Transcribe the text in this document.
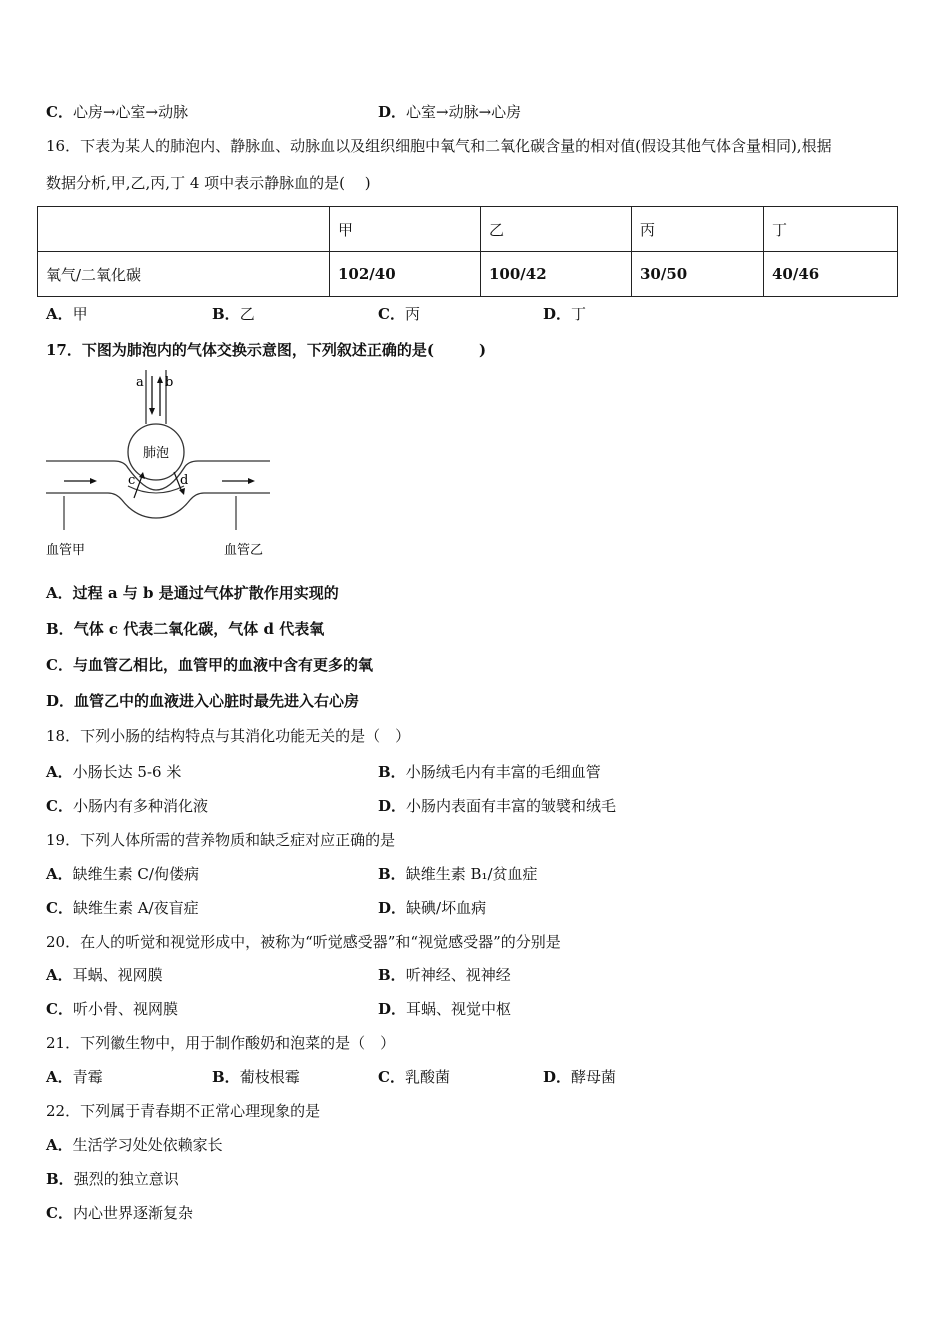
C．心房→心室→动脉	D．心室→动脉→心房
16．下表为某人的肺泡内、静脉血、动脉血以及组织细胞中氧气和二氧化碳含量的相对值(假设其他气体含量相同),根据
数据分析,甲,乙,丙,丁 4 项中表示静脉血的是(　 )
	甲	乙	丙	丁
氧气/二氧化碳	102/40	100/42	30/50	40/46
A．甲	B．乙	C．丙	D．丁
17．下图为肺泡内的气体交换示意图，下列叙述正确的是(　　　)
a b
肺泡
c	d
血管甲	血管乙
A．过程 a 与 b 是通过气体扩散作用实现的
B．气体 c 代表二氧化碳，气体 d 代表氧
C．与血管乙相比，血管甲的血液中含有更多的氧
D．血管乙中的血液进入心脏时最先进入右心房
18．下列小肠的结构特点与其消化功能无关的是（　）
A．小肠长达 5-6 米	B．小肠绒毛内有丰富的毛细血管
C．小肠内有多种消化液	D．小肠内表面有丰富的皱襞和绒毛
19．下列人体所需的营养物质和缺乏症对应正确的是
A．缺维生素 C/佝偻病	B．缺维生素 B₁/贫血症
C．缺维生素 A/夜盲症	D．缺碘/坏血病
20．在人的听觉和视觉形成中，被称为“听觉感受器”和“视觉感受器”的分别是
A．耳蜗、视网膜	B．听神经、视神经
C．听小骨、视网膜	D．耳蜗、视觉中枢
21．下列徽生物中，用于制作酸奶和泡菜的是（　）
A．青霉	B．葡枝根霉	C．乳酸菌	D．酵母菌
22．下列属于青春期不正常心理现象的是
A．生活学习处处依赖家长
B．强烈的独立意识
C．内心世界逐渐复杂
